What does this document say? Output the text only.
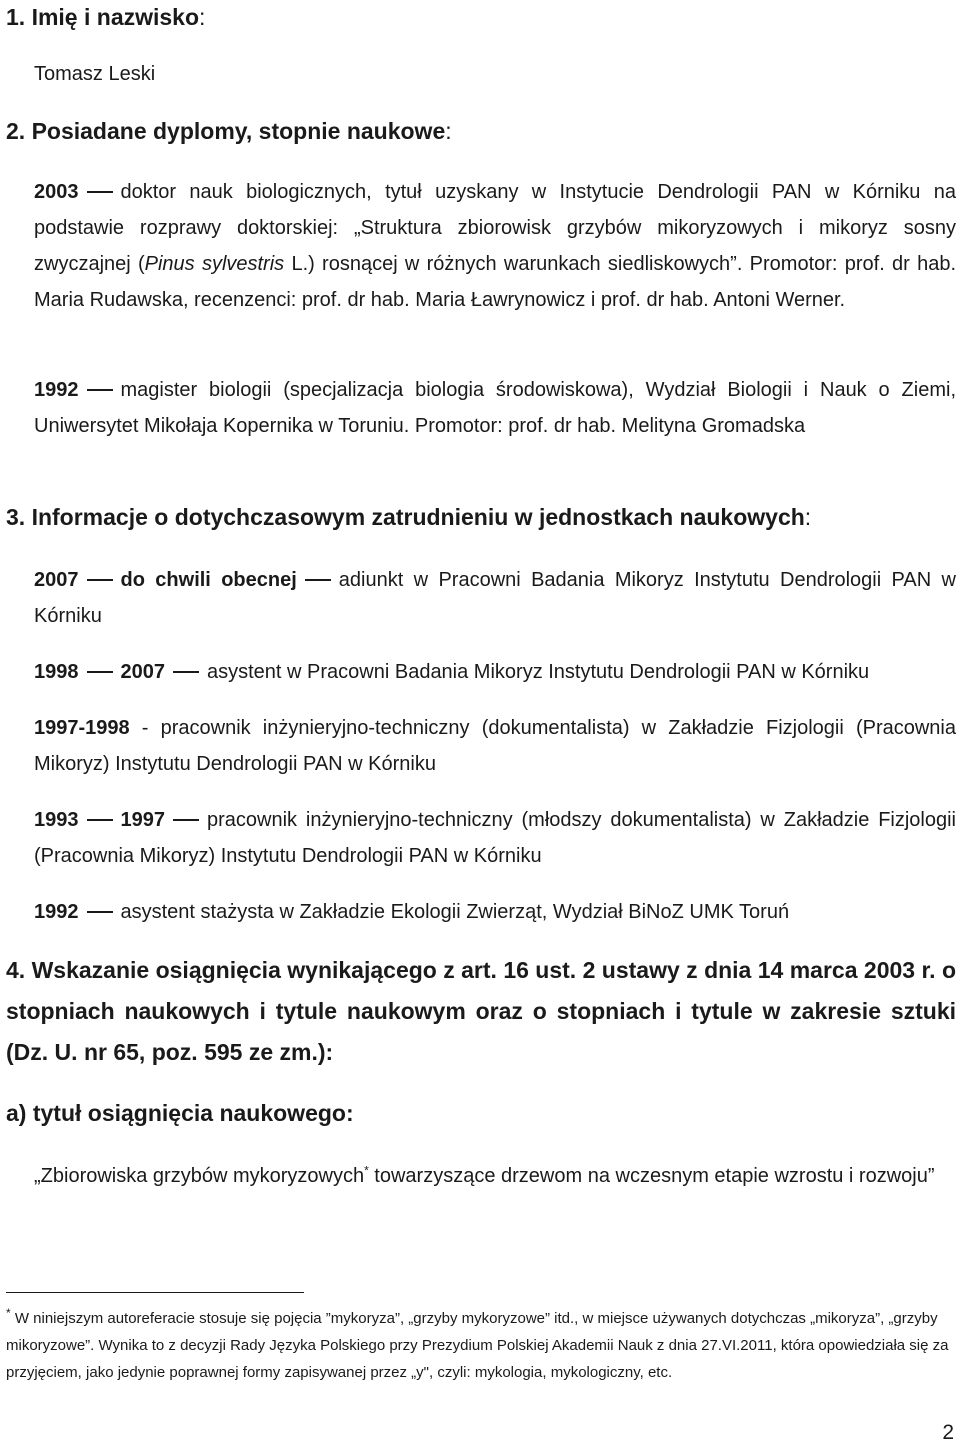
1. Imię i nazwisko:

Tomasz Leski

2. Posiadane dyplomy, stopnie naukowe:

2003 doktor nauk biologicznych, tytuł uzyskany w Instytucie Dendrologii PAN w Kórniku na podstawie rozprawy doktorskiej: „Struktura zbiorowisk grzybów mikoryzowych i mikoryz sosny zwyczajnej (Pinus sylvestris L.) rosnącej w różnych warunkach siedliskowych”. Promotor: prof. dr hab. Maria Rudawska, recenzenci: prof. dr hab. Maria Ławrynowicz i prof. dr hab. Antoni Werner.

1992 magister biologii (specjalizacja biologia środowiskowa), Wydział Biologii i Nauk o Ziemi, Uniwersytet Mikołaja Kopernika w Toruniu. Promotor: prof. dr hab. Melityna Gromadska

3. Informacje o dotychczasowym zatrudnieniu w jednostkach naukowych:

2007 do chwili obecnej adiunkt w Pracowni Badania Mikoryz Instytutu Dendrologii PAN w Kórniku

1998 2007 asystent w Pracowni Badania Mikoryz Instytutu Dendrologii PAN w Kórniku

1997-1998 - pracownik inżynieryjno-techniczny (dokumentalista) w Zakładzie Fizjologii (Pracownia Mikoryz) Instytutu Dendrologii PAN w Kórniku

1993 1997 pracownik inżynieryjno-techniczny (młodszy dokumentalista) w Zakładzie Fizjologii (Pracownia Mikoryz) Instytutu Dendrologii PAN w Kórniku

1992 asystent stażysta w Zakładzie Ekologii Zwierząt, Wydział BiNoZ UMK Toruń

4. Wskazanie osiągnięcia wynikającego z art. 16 ust. 2 ustawy z dnia 14 marca 2003 r. o stopniach naukowych i tytule naukowym oraz o stopniach i tytule w zakresie sztuki (Dz. U. nr 65, poz. 595 ze zm.):

a) tytuł osiągnięcia naukowego:

„Zbiorowiska grzybów mykoryzowych* towarzyszące drzewom na wczesnym etapie wzrostu i rozwoju”

* W niniejszym autoreferacie stosuje się pojęcia ”mykoryza”, „grzyby mykoryzowe” itd., w miejsce używanych dotychczas „mikoryza”, „grzyby mikoryzowe”. Wynika to z decyzji Rady Języka Polskiego przy Prezydium Polskiej Akademii Nauk z dnia 27.VI.2011, która opowiedziała się za przyjęciem, jako jedynie poprawnej formy zapisywanej przez „y", czyli: mykologia, mykologiczny, etc.

2
